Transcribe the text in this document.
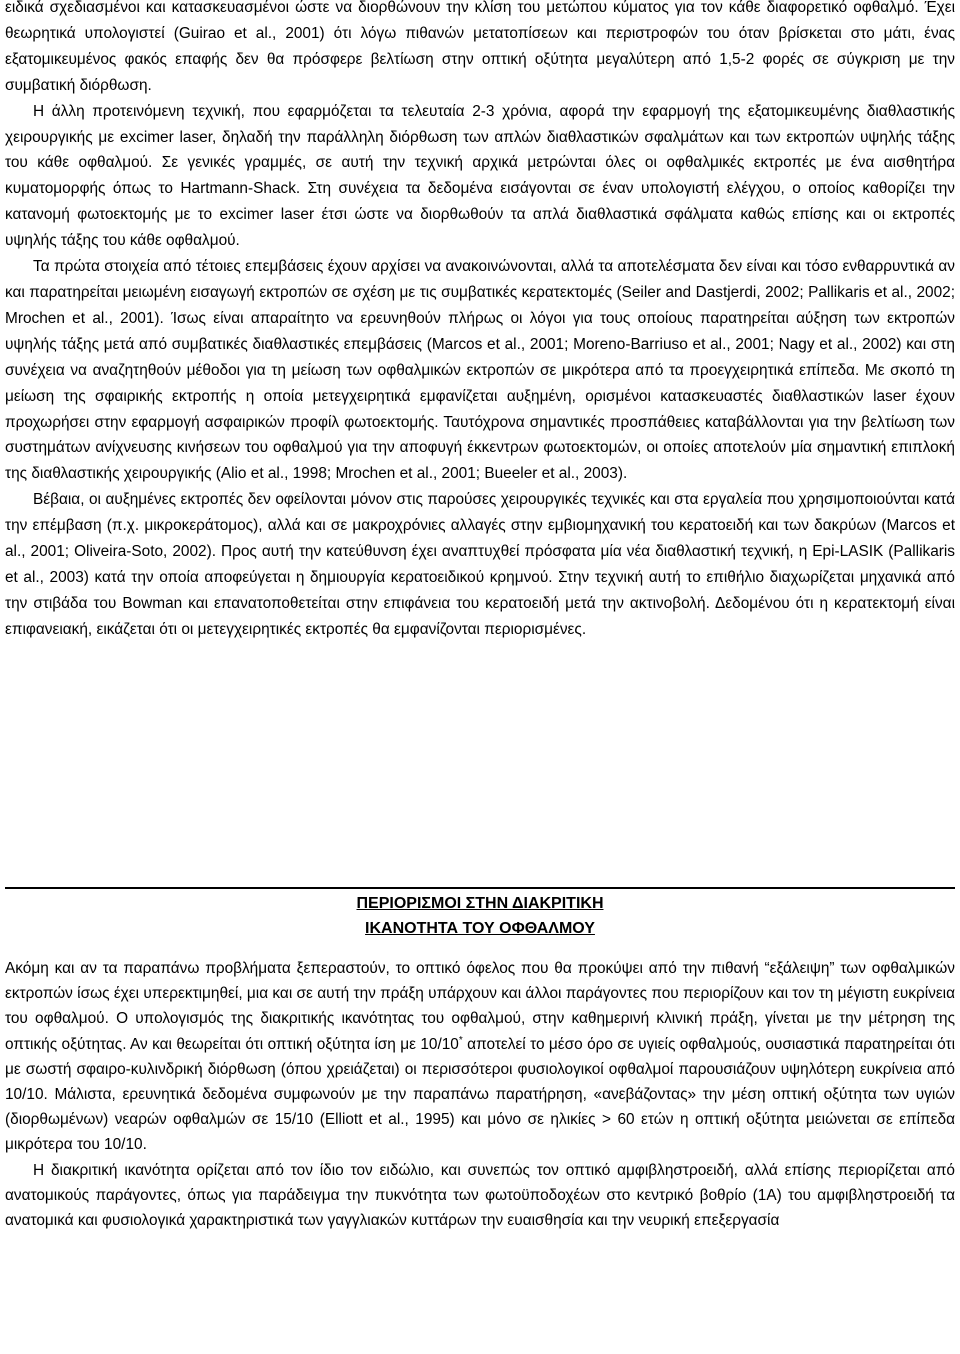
ειδικά σχεδιασμένοι και κατασκευασμένοι ώστε να διορθώνουν την κλίση του μετώπου κύματος για τον κάθε διαφορετικό οφθαλμό. Έχει θεωρητικά υπολογιστεί (Guirao et al., 2001) ότι λόγω πιθανών μετατοπίσεων και περιστροφών του όταν βρίσκεται στο μάτι, ένας εξατομικευμένος φακός επαφής δεν θα πρόσφερε βελτίωση στην οπτική οξύτητα μεγαλύτερη από 1,5-2 φορές σε σύγκριση με την συμβατική διόρθωση.

Η άλλη προτεινόμενη τεχνική, που εφαρμόζεται τα τελευταία 2-3 χρόνια, αφορά την εφαρμογή της εξατομικευμένης διαθλαστικής χειρουργικής με excimer laser, δηλαδή την παράλληλη διόρθωση των απλών διαθλαστικών σφαλμάτων και των εκτροπών υψηλής τάξης του κάθε οφθαλμού. Σε γενικές γραμμές, σε αυτή την τεχνική αρχικά μετρώνται όλες οι οφθαλμικές εκτροπές με ένα αισθητήρα κυματομορφής όπως το Hartmann-Shack. Στη συνέχεια τα δεδομένα εισάγονται σε έναν υπολογιστή ελέγχου, ο οποίος καθορίζει την κατανομή φωτοεκτομής με το excimer laser έτσι ώστε να διορθωθούν τα απλά διαθλαστικά σφάλματα καθώς επίσης και οι εκτροπές υψηλής τάξης του κάθε οφθαλμού.

Τα πρώτα στοιχεία από τέτοιες επεμβάσεις έχουν αρχίσει να ανακοινώνονται, αλλά τα αποτελέσματα δεν είναι και τόσο ενθαρρυντικά αν και παρατηρείται μειωμένη εισαγωγή εκτροπών σε σχέση με τις συμβατικές κερατεκτομές (Seiler and Dastjerdi, 2002; Pallikaris et al., 2002; Mrochen et al., 2001). Ίσως είναι απαραίτητο να ερευνηθούν πλήρως οι λόγοι για τους οποίους παρατηρείται αύξηση των εκτροπών υψηλής τάξης μετά από συμβατικές διαθλαστικές επεμβάσεις (Marcos et al., 2001; Moreno-Barriuso et al., 2001; Nagy et al., 2002) και στη συνέχεια να αναζητηθούν μέθοδοι για τη μείωση των οφθαλμικών εκτροπών σε μικρότερα από τα προεγχειρητικά επίπεδα. Με σκοπό τη μείωση της σφαιρικής εκτροπής η οποία μετεγχειρητικά εμφανίζεται αυξημένη, ορισμένοι κατασκευαστές διαθλαστικών laser έχουν προχωρήσει στην εφαρμογή ασφαιρικών προφίλ φωτοεκτομής. Ταυτόχρονα σημαντικές προσπάθειες καταβάλλονται για την βελτίωση των συστημάτων ανίχνευσης κινήσεων του οφθαλμού για την αποφυγή έκκεντρων φωτοεκτομών, οι οποίες αποτελούν μία σημαντική επιπλοκή της διαθλαστικής χειρουργικής (Alio et al., 1998; Mrochen et al., 2001; Bueeler et al., 2003).

Βέβαια, οι αυξημένες εκτροπές δεν οφείλονται μόνον στις παρούσες χειρουργικές τεχνικές και στα εργαλεία που χρησιμοποιούνται κατά την επέμβαση (π.χ. μικροκεράτομος), αλλά και σε μακροχρόνιες αλλαγές στην εμβιομηχανική του κερατοειδή και των δακρύων (Marcos et al., 2001; Oliveira-Soto, 2002). Προς αυτή την κατεύθυνση έχει αναπτυχθεί πρόσφατα μία νέα διαθλαστική τεχνική, η Epi-LASIK (Pallikaris et al., 2003) κατά την οποία αποφεύγεται η δημιουργία κερατοειδικού κρημνού. Στην τεχνική αυτή το επιθήλιο διαχωρίζεται μηχανικά από την στιβάδα του Bowman και επανατοποθετείται στην επιφάνεια του κερατοειδή μετά την ακτινοβολή. Δεδομένου ότι η κερατεκτομή είναι επιφανειακή, εικάζεται ότι οι μετεγχειρητικές εκτροπές θα εμφανίζονται περιορισμένες.

ΠΕΡΙΟΡΙΣΜΟΙ ΣΤΗΝ ΔΙΑΚΡΙΤΙΚΗ
ΙΚΑΝΟΤΗΤΑ ΤΟΥ ΟΦΘΑΛΜΟΥ

Ακόμη και αν τα παραπάνω προβλήματα ξεπεραστούν, το οπτικό όφελος που θα προκύψει από την πιθανή “εξάλειψη” των οφθαλμικών εκτροπών ίσως έχει υπερεκτιμηθεί, μια και σε αυτή την πράξη υπάρχουν και άλλοι παράγοντες που περιορίζουν και τον τη μέγιστη ευκρίνεια του οφθαλμού. Ο υπολογισμός της διακριτικής ικανότητας του οφθαλμού, στην καθημερινή κλινική πράξη, γίνεται με την μέτρηση της οπτικής οξύτητας. Αν και θεωρείται ότι οπτική οξύτητα ίση με 10/10* αποτελεί το μέσο όρο σε υγιείς οφθαλμούς, ουσιαστικά παρατηρείται ότι με σωστή σφαιρο-κυλινδρική διόρθωση (όπου χρειάζεται) οι περισσότεροι φυσιολογικοί οφθαλμοί παρουσιάζουν υψηλότερη ευκρίνεια από 10/10. Μάλιστα, ερευνητικά δεδομένα συμφωνούν με την παραπάνω παρατήρηση, «ανεβάζοντας» την μέση οπτική οξύτητα των υγιών (διορθωμένων) νεαρών οφθαλμών σε 15/10 (Elliott et al., 1995) και μόνο σε ηλικίες > 60 ετών η οπτική οξύτητα μειώνεται σε επίπεδα μικρότερα του 10/10.

Η διακριτική ικανότητα ορίζεται από τον ίδιο τον ειδώλιο, και συνεπώς τον οπτικό αμφιβληστροειδή, αλλά επίσης περιορίζεται από ανατομικούς παράγοντες, όπως για παράδειγμα την πυκνότητα των φωτοϋποδοχέων στο κεντρικό βοθρίο (1Α) του αμφιβληστροειδή τα ανατομικά και φυσιολογικά χαρακτηριστικά των γαγγλιακών κυττάρων την ευαισθησία και την νευρική επεξεργασία
